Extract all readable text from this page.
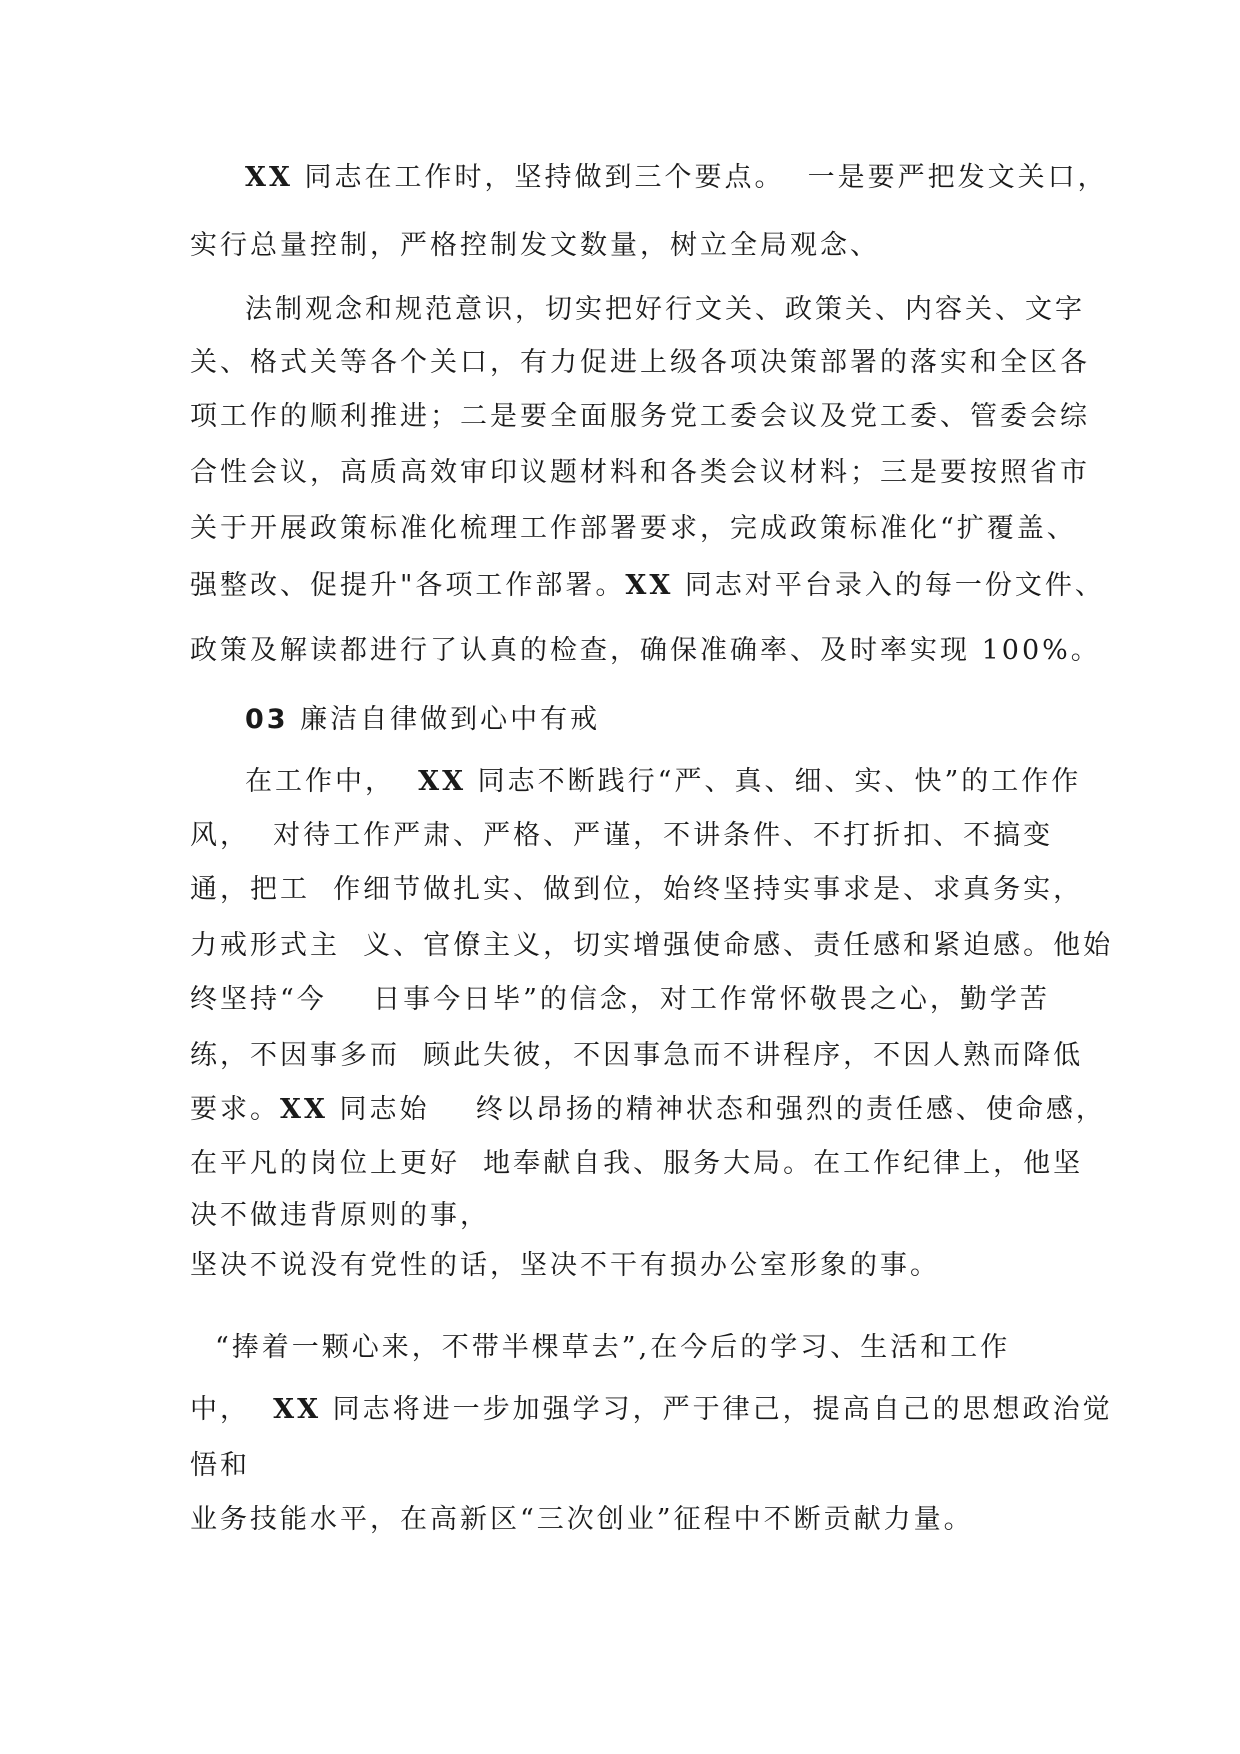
XX 同志在工作时，坚持做到三个要点。  一是要严把发文关口，
实行总量控制，严格控制发文数量，树立全局观念、
法制观念和规范意识，切实把好行文关、政策关、内容关、文字
关、格式关等各个关口，有力促进上级各项决策部署的落实和全区各
项工作的顺利推进；二是要全面服务党工委会议及党工委、管委会综
合性会议，高质高效审印议题材料和各类会议材料；三是要按照省市
关于开展政策标准化梳理工作部署要求，完成政策标准化“扩覆盖、
强整改、促提升"各项工作部署。XX 同志对平台录入的每一份文件、
政策及解读都进行了认真的检查，确保准确率、及时率实现 100%。
03 廉洁自律做到心中有戒
在工作中，  XX 同志不断践行“严、真、细、实、快”的工作作
风，  对待工作严肃、严格、严谨，不讲条件、不打折扣、不搞变
通，把工  作细节做扎实、做到位，始终坚持实事求是、求真务实，
力戒形式主  义、官僚主义，切实增强使命感、责任感和紧迫感。他始
终坚持“今    日事今日毕”的信念，对工作常怀敬畏之心，勤学苦
练，不因事多而  顾此失彼，不因事急而不讲程序，不因人熟而降低
要求。XX 同志始    终以昂扬的精神状态和强烈的责任感、使命感，
在平凡的岗位上更好  地奉献自我、服务大局。在工作纪律上，他坚
决不做违背原则的事，
坚决不说没有党性的话，坚决不干有损办公室形象的事。
“捧着一颗心来，不带半棵草去”,在今后的学习、生活和工作
中，  XX 同志将进一步加强学习，严于律己，提高自己的思想政治觉
悟和
业务技能水平，在高新区“三次创业”征程中不断贡献力量。
